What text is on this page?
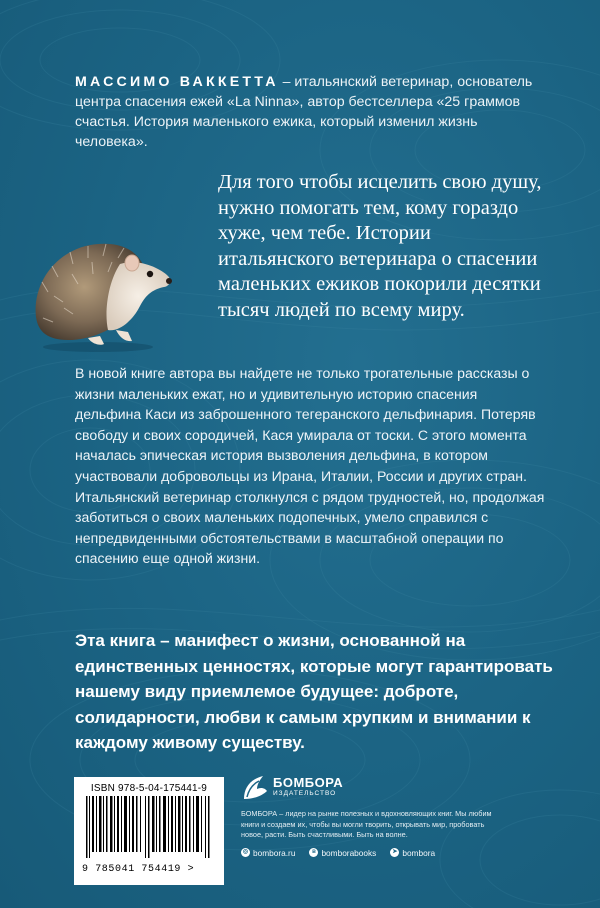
МАССИМО ВАККЕТТА – итальянский ветеринар, основатель центра спасения ежей «La Ninna», автор бестселлера «25 граммов счастья. История маленького ежика, который изменил жизнь человека».
Для того чтобы исцелить свою душу, нужно помогать тем, кому гораздо хуже, чем тебе. Истории итальянского ветеринара о спасении маленьких ежиков покорили десятки тысяч людей по всему миру.
В новой книге автора вы найдете не только трогательные рассказы о жизни маленьких ежат, но и удивительную историю спасения дельфина Каси из заброшенного тегеранского дельфинария. Потеряв свободу и своих сородичей, Кася умирала от тоски. С этого момента началась эпическая история вызволения дельфина, в котором участвовали добровольцы из Ирана, Италии, России и других стран. Итальянский ветеринар столкнулся с рядом трудностей, но, продолжая заботиться о своих маленьких подопечных, умело справился с непредвиденными обстоятельствами в масштабной операции по спасению еще одной жизни.
Эта книга – манифест о жизни, основанной на единственных ценностях, которые могут гарантировать нашему виду приемлемое будущее: доброте, солидарности, любви к самым хрупким и внимании к каждому живому существу.
ISBN 978-5-04-175441-9
9 785041 754419 >
БОМБОРА
ИЗДАТЕЛЬСТВО
БОМБОРА – лидер на рынке полезных и вдохновляющих книг. Мы любим книги и создаем их, чтобы вы могли творить, открывать мир, пробовать новое, расти. Быть счастливыми. Быть на волне.
◎ bombora.ru	в bomborabooks	➤ bombora
